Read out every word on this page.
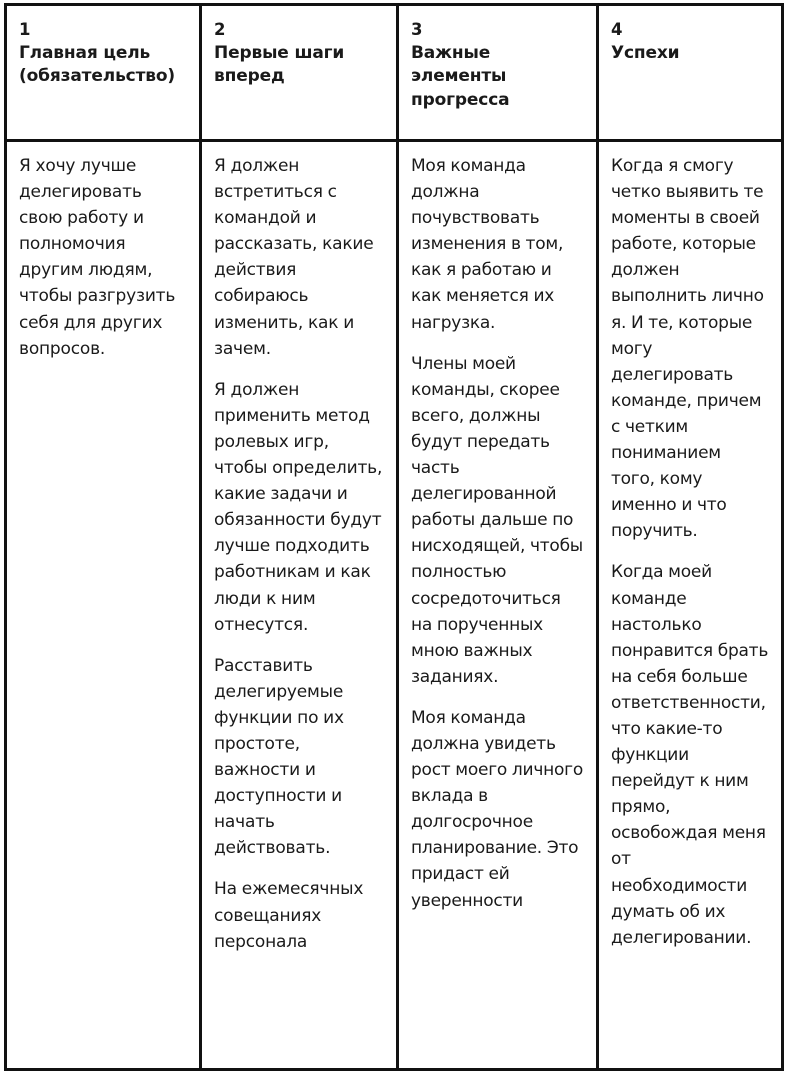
1
Главная цель (обязательство)

Я хочу лучше делегировать свою работу и полномочия другим людям, чтобы разгрузить себя для других вопросов.

2
Первые шаги вперед

Я должен встретиться с командой и рассказать, какие действия собираюсь изменить, как и зачем.

Я должен применить метод ролевых игр, чтобы определить, какие задачи и обязанности будут лучше подходить работникам и как люди к ним отнесутся.

Расставить делегируемые функции по их простоте, важности и доступности и начать действовать.

На ежемесячных совещаниях персонала

3
Важные элементы прогресса

Моя команда должна почувствовать изменения в том, как я работаю и как меняется их нагрузка.

Члены моей команды, скорее всего, должны будут передать часть делегированной работы дальше по нисходящей, чтобы полностью сосредоточиться на порученных мною важных заданиях.

Моя команда должна увидеть рост моего личного вклада в долгосрочное планирование. Это придаст ей уверенности

4
Успехи

Когда я смогу четко выявить те моменты в своей работе, которые должен выполнить лично я. И те, которые могу делегировать команде, причем с четким пониманием того, кому именно и что поручить.

Когда моей команде настолько понравится брать на себя больше ответственности, что какие-то функции перейдут к ним прямо, освобождая меня от необходимости думать об их делегировании.
